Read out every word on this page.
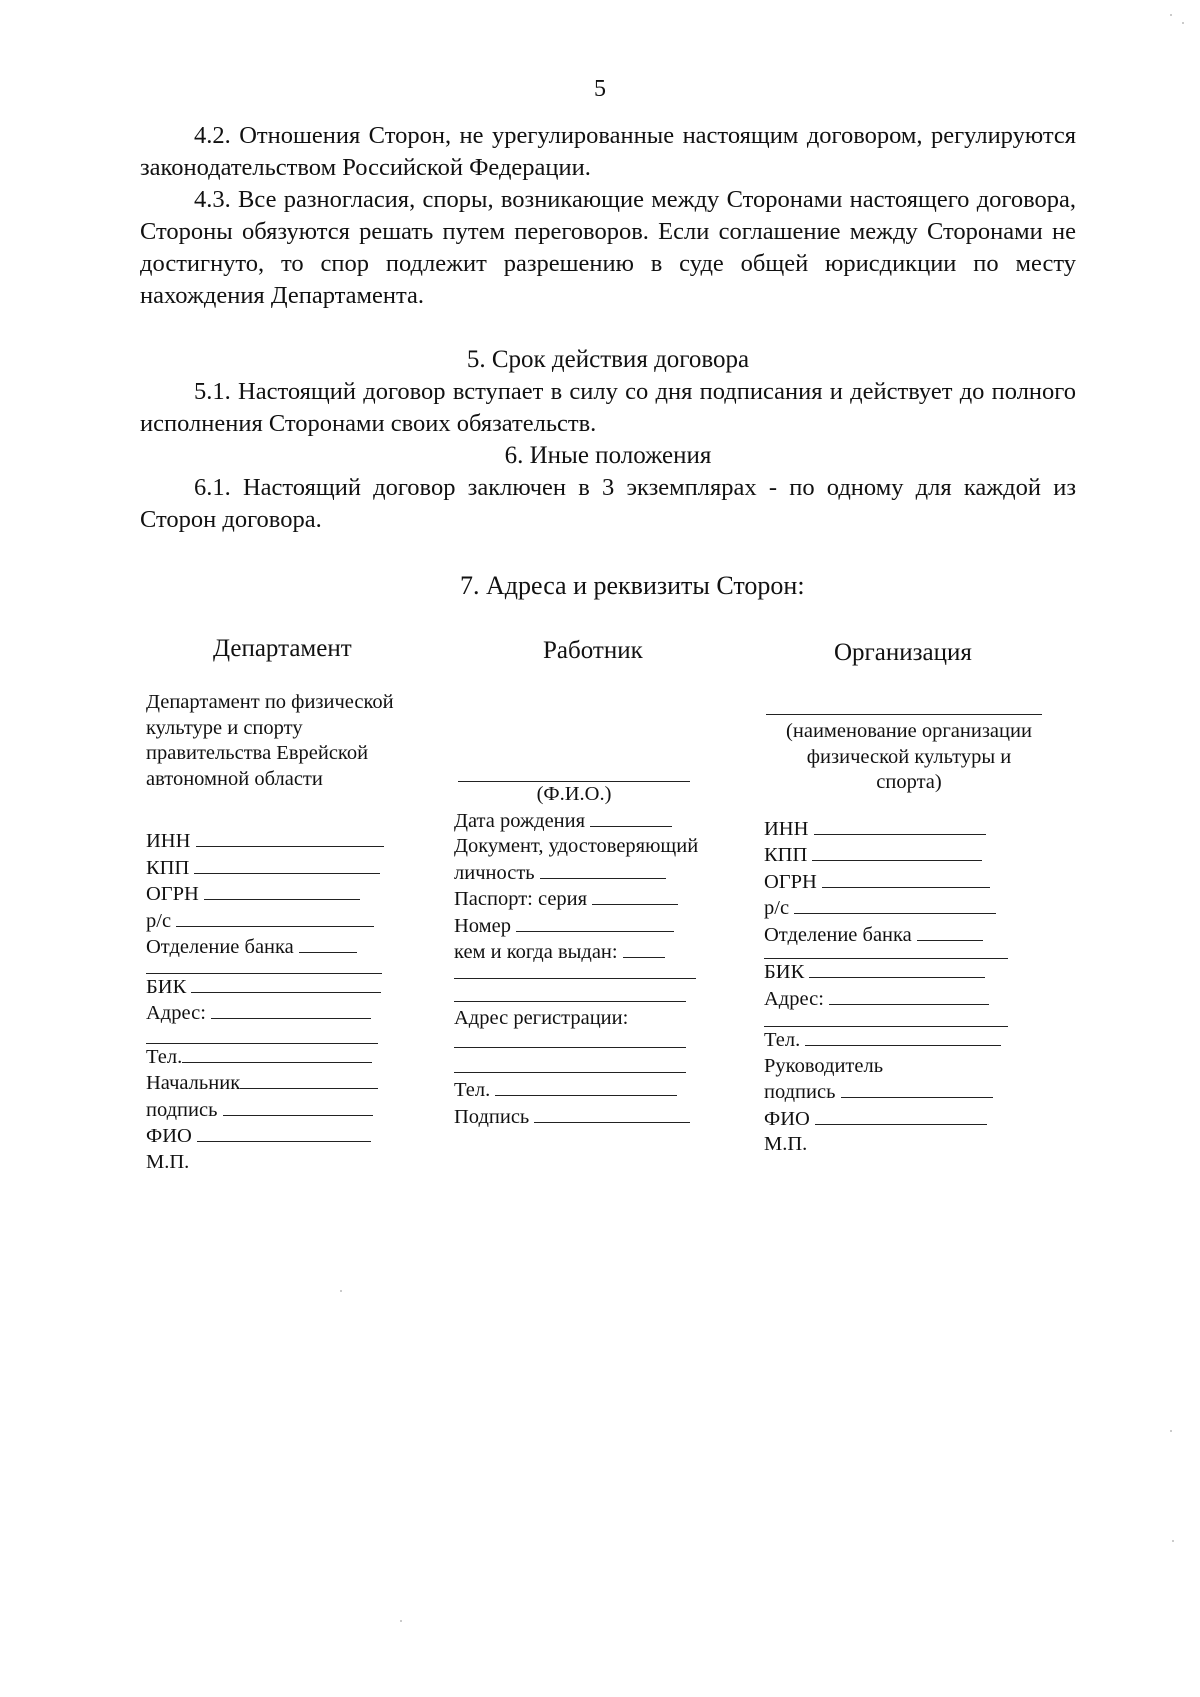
5

4.2. Отношения Сторон, не урегулированные настоящим договором, регулируются законодательством Российской Федерации.

4.3. Все разногласия, споры, возникающие между Сторонами настоящего договора, Стороны обязуются решать путем переговоров. Если соглашение между Сторонами не достигнуто, то спор подлежит разрешению в суде общей юрисдикции по месту нахождения Департамента.

5. Срок действия договора

5.1. Настоящий договор вступает в силу со дня подписания и действует до полного исполнения Сторонами своих обязательств.

6. Иные положения

6.1. Настоящий договор заключен в 3 экземплярах - по одному для каждой из Сторон договора.

7. Адреса и реквизиты Сторон:
Департамент	Работник	Организация
Департамент по физической
культуре и спорту
правительства Еврейской
автономной области
ИНН
КПП
ОГРН
р/с
Отделение банка
БИК
Адрес:
Тел.
Начальник
подпись
ФИО
М.П.
(Ф.И.О.)
Дата рождения
Документ, удостоверяющий
личность
Паспорт: серия
Номер
кем и когда выдан:
Адрес регистрации:
Тел.
Подпись
(наименование организации
физической культуры и
спорта)
ИНН
КПП
ОГРН
р/с
Отделение банка
БИК
Адрес:
Тел.
Руководитель
подпись
ФИО
М.П.
